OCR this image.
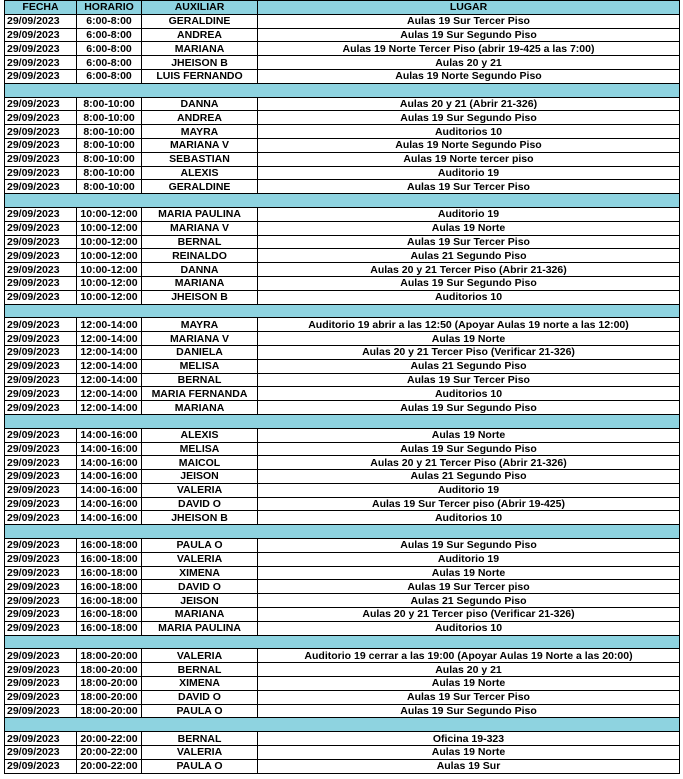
FECHA	HORARIO	AUXILIAR	LUGAR
29/09/2023	6:00-8:00	GERALDINE	Aulas 19 Sur Tercer Piso
29/09/2023	6:00-8:00	ANDREA	Aulas 19 Sur Segundo Piso
29/09/2023	6:00-8:00	MARIANA	Aulas 19 Norte Tercer Piso (abrir 19-425 a las 7:00)
29/09/2023	6:00-8:00	JHEISON B	Aulas 20 y 21
29/09/2023	6:00-8:00	LUIS FERNANDO	Aulas 19 Norte Segundo Piso

29/09/2023	8:00-10:00	DANNA	Aulas 20 y 21 (Abrir 21-326)
29/09/2023	8:00-10:00	ANDREA	Aulas 19 Sur Segundo Piso
29/09/2023	8:00-10:00	MAYRA	Auditorios 10
29/09/2023	8:00-10:00	MARIANA V	Aulas 19 Norte Segundo Piso
29/09/2023	8:00-10:00	SEBASTIAN	Aulas 19 Norte tercer piso
29/09/2023	8:00-10:00	ALEXIS	Auditorio 19
29/09/2023	8:00-10:00	GERALDINE	Aulas 19 Sur Tercer Piso

29/09/2023	10:00-12:00	MARIA PAULINA	Auditorio 19
29/09/2023	10:00-12:00	MARIANA V	Aulas 19 Norte
29/09/2023	10:00-12:00	BERNAL	Aulas 19 Sur Tercer Piso
29/09/2023	10:00-12:00	REINALDO	Aulas 21 Segundo Piso
29/09/2023	10:00-12:00	DANNA	Aulas 20 y 21 Tercer Piso (Abrir 21-326)
29/09/2023	10:00-12:00	MARIANA	Aulas 19 Sur Segundo Piso
29/09/2023	10:00-12:00	JHEISON B	Auditorios 10

29/09/2023	12:00-14:00	MAYRA	Auditorio 19 abrir a las 12:50 (Apoyar Aulas 19 norte a las 12:00)
29/09/2023	12:00-14:00	MARIANA V	Aulas 19 Norte
29/09/2023	12:00-14:00	DANIELA	Aulas 20 y 21 Tercer Piso (Verificar 21-326)
29/09/2023	12:00-14:00	MELISA	Aulas 21 Segundo Piso
29/09/2023	12:00-14:00	BERNAL	Aulas 19 Sur Tercer Piso
29/09/2023	12:00-14:00	MARIA FERNANDA	Auditorios 10
29/09/2023	12:00-14:00	MARIANA	Aulas 19 Sur Segundo Piso

29/09/2023	14:00-16:00	ALEXIS	Aulas 19 Norte
29/09/2023	14:00-16:00	MELISA	Aulas 19 Sur Segundo Piso
29/09/2023	14:00-16:00	MAICOL	Aulas 20 y 21 Tercer Piso (Abrir 21-326)
29/09/2023	14:00-16:00	JEISON	Aulas 21 Segundo Piso
29/09/2023	14:00-16:00	VALERIA	Auditorio 19
29/09/2023	14:00-16:00	DAVID O	Aulas 19 Sur Tercer piso (Abrir 19-425)
29/09/2023	14:00-16:00	JHEISON B	Auditorios 10

29/09/2023	16:00-18:00	PAULA O	Aulas 19 Sur Segundo Piso
29/09/2023	16:00-18:00	VALERIA	Auditorio 19
29/09/2023	16:00-18:00	XIMENA	Aulas 19 Norte
29/09/2023	16:00-18:00	DAVID O	Aulas 19 Sur Tercer piso
29/09/2023	16:00-18:00	JEISON	Aulas 21 Segundo Piso
29/09/2023	16:00-18:00	MARIANA	Aulas 20 y 21 Tercer piso (Verificar 21-326)
29/09/2023	16:00-18:00	MARIA PAULINA	Auditorios 10

29/09/2023	18:00-20:00	VALERIA	Auditorio 19 cerrar a las 19:00 (Apoyar Aulas 19 Norte a las 20:00)
29/09/2023	18:00-20:00	BERNAL	Aulas 20 y 21
29/09/2023	18:00-20:00	XIMENA	Aulas 19 Norte
29/09/2023	18:00-20:00	DAVID O	Aulas 19 Sur Tercer Piso
29/09/2023	18:00-20:00	PAULA O	Aulas 19 Sur Segundo Piso

29/09/2023	20:00-22:00	BERNAL	Oficina 19-323
29/09/2023	20:00-22:00	VALERIA	Aulas 19 Norte
29/09/2023	20:00-22:00	PAULA O	Aulas 19 Sur
